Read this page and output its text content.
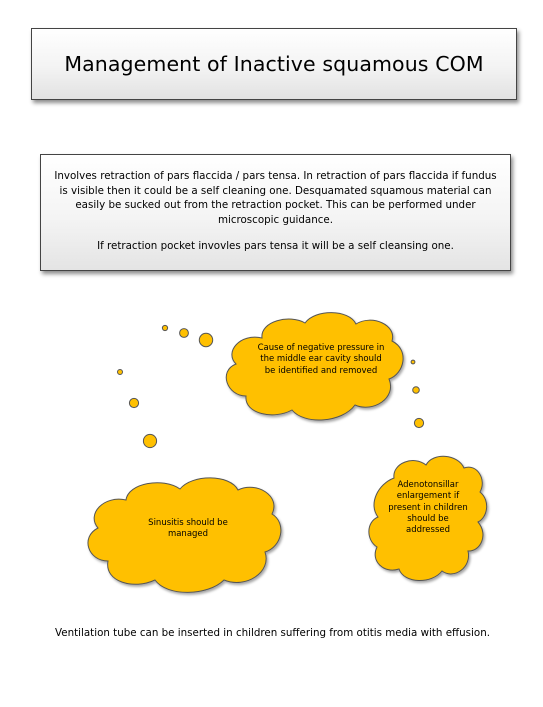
Management of Inactive squamous COM

Involves retraction of pars flaccida / pars tensa. In retraction of pars flaccida if fundus is visible then it could be a self cleaning one. Desquamated squamous material can easily be sucked out from the retraction pocket. This can be performed under microscopic guidance.

If retraction pocket invovles pars tensa it will be a self cleansing one.

Cause of negative pressure in the middle ear cavity should be identified and removed
Sinusitis should be managed
Adenotonsillar enlargement if present in children should be addressed
Ventilation tube can be inserted in children suffering from otitis media with effusion.
